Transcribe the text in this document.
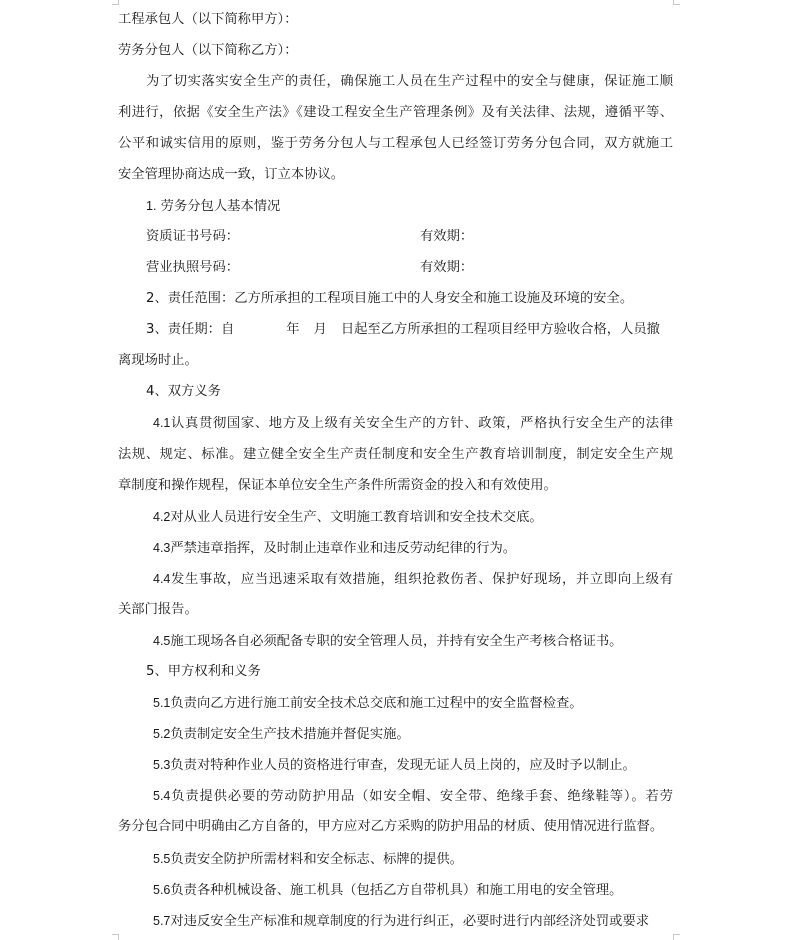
工程承包人（以下简称甲方）：
劳务分包人（以下简称乙方）：
为了切实落实安全生产的责任，确保施工人员在生产过程中的安全与健康，保证施工顺
利进行，依据《安全生产法》《建设工程安全生产管理条例》及有关法律、法规，遵循平等、
公平和诚实信用的原则，鉴于劳务分包人与工程承包人已经签订劳务分包合同，双方就施工
安全管理协商达成一致，订立本协议。
1. 劳务分包人基本情况
资质证书号码：	有效期：
营业执照号码：	有效期：
2、责任范围：乙方所承担的工程项目施工中的人身安全和施工设施及环境的安全。
3、责任期：自	年 月 日起至乙方所承担的工程项目经甲方验收合格，人员撤
离现场时止。
4、双方义务
4.1认真贯彻国家、地方及上级有关安全生产的方针、政策，严格执行安全生产的法律
法规、规定、标准。建立健全安全生产责任制度和安全生产教育培训制度，制定安全生产规
章制度和操作规程，保证本单位安全生产条件所需资金的投入和有效使用。
4.2对从业人员进行安全生产、文明施工教育培训和安全技术交底。
4.3严禁违章指挥，及时制止违章作业和违反劳动纪律的行为。
4.4发生事故，应当迅速采取有效措施，组织抢救伤者、保护好现场，并立即向上级有
关部门报告。
4.5施工现场各自必须配备专职的安全管理人员，并持有安全生产考核合格证书。
5、甲方权利和义务
5.1负责向乙方进行施工前安全技术总交底和施工过程中的安全监督检查。
5.2负责制定安全生产技术措施并督促实施。
5.3负责对特种作业人员的资格进行审查，发现无证人员上岗的，应及时予以制止。
5.4负责提供必要的劳动防护用品（如安全帽、安全带、绝缘手套、绝缘鞋等）。若劳
务分包合同中明确由乙方自备的，甲方应对乙方采购的防护用品的材质、使用情况进行监督。
5.5负责安全防护所需材料和安全标志、标牌的提供。
5.6负责各种机械设备、施工机具（包括乙方自带机具）和施工用电的安全管理。
5.7对违反安全生产标准和规章制度的行为进行纠正，必要时进行内部经济处罚或要求
